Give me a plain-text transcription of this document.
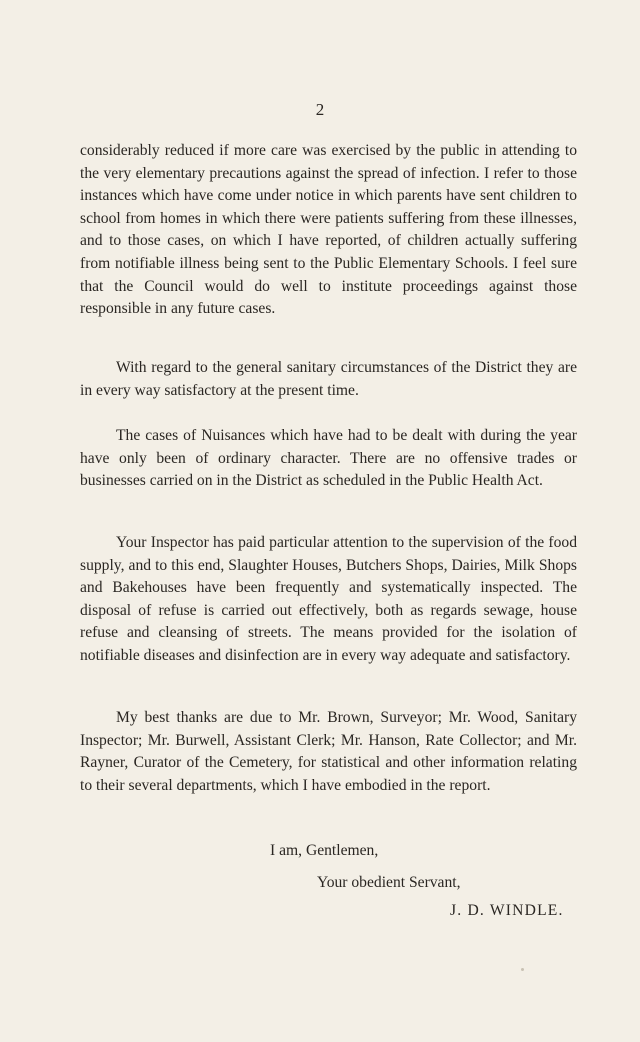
2

considerably reduced if more care was exercised by the public in attending to the very elementary precautions against the spread of infection. I refer to those instances which have come under notice in which parents have sent children to school from homes in which there were patients suffering from these illnesses, and to those cases, on which I have reported, of children actually suffering from notifiable illness being sent to the Public Elementary Schools. I feel sure that the Council would do well to institute proceedings against those responsible in any future cases.

With regard to the general sanitary circumstances of the District they are in every way satisfactory at the present time.

The cases of Nuisances which have had to be dealt with during the year have only been of ordinary character. There are no offensive trades or businesses carried on in the District as scheduled in the Public Health Act.

Your Inspector has paid particular attention to the supervision of the food supply, and to this end, Slaughter Houses, Butchers Shops, Dairies, Milk Shops and Bakehouses have been frequently and systematically inspected. The disposal of refuse is carried out effectively, both as regards sewage, house refuse and cleansing of streets. The means provided for the isolation of notifiable diseases and disinfection are in every way adequate and satisfactory.

My best thanks are due to Mr. Brown, Surveyor; Mr. Wood, Sanitary Inspector; Mr. Burwell, Assistant Clerk; Mr. Hanson, Rate Collector; and Mr. Rayner, Curator of the Cemetery, for statistical and other information relating to their several departments, which I have embodied in the report.

I am, Gentlemen,

Your obedient Servant,

J. D. WINDLE.
